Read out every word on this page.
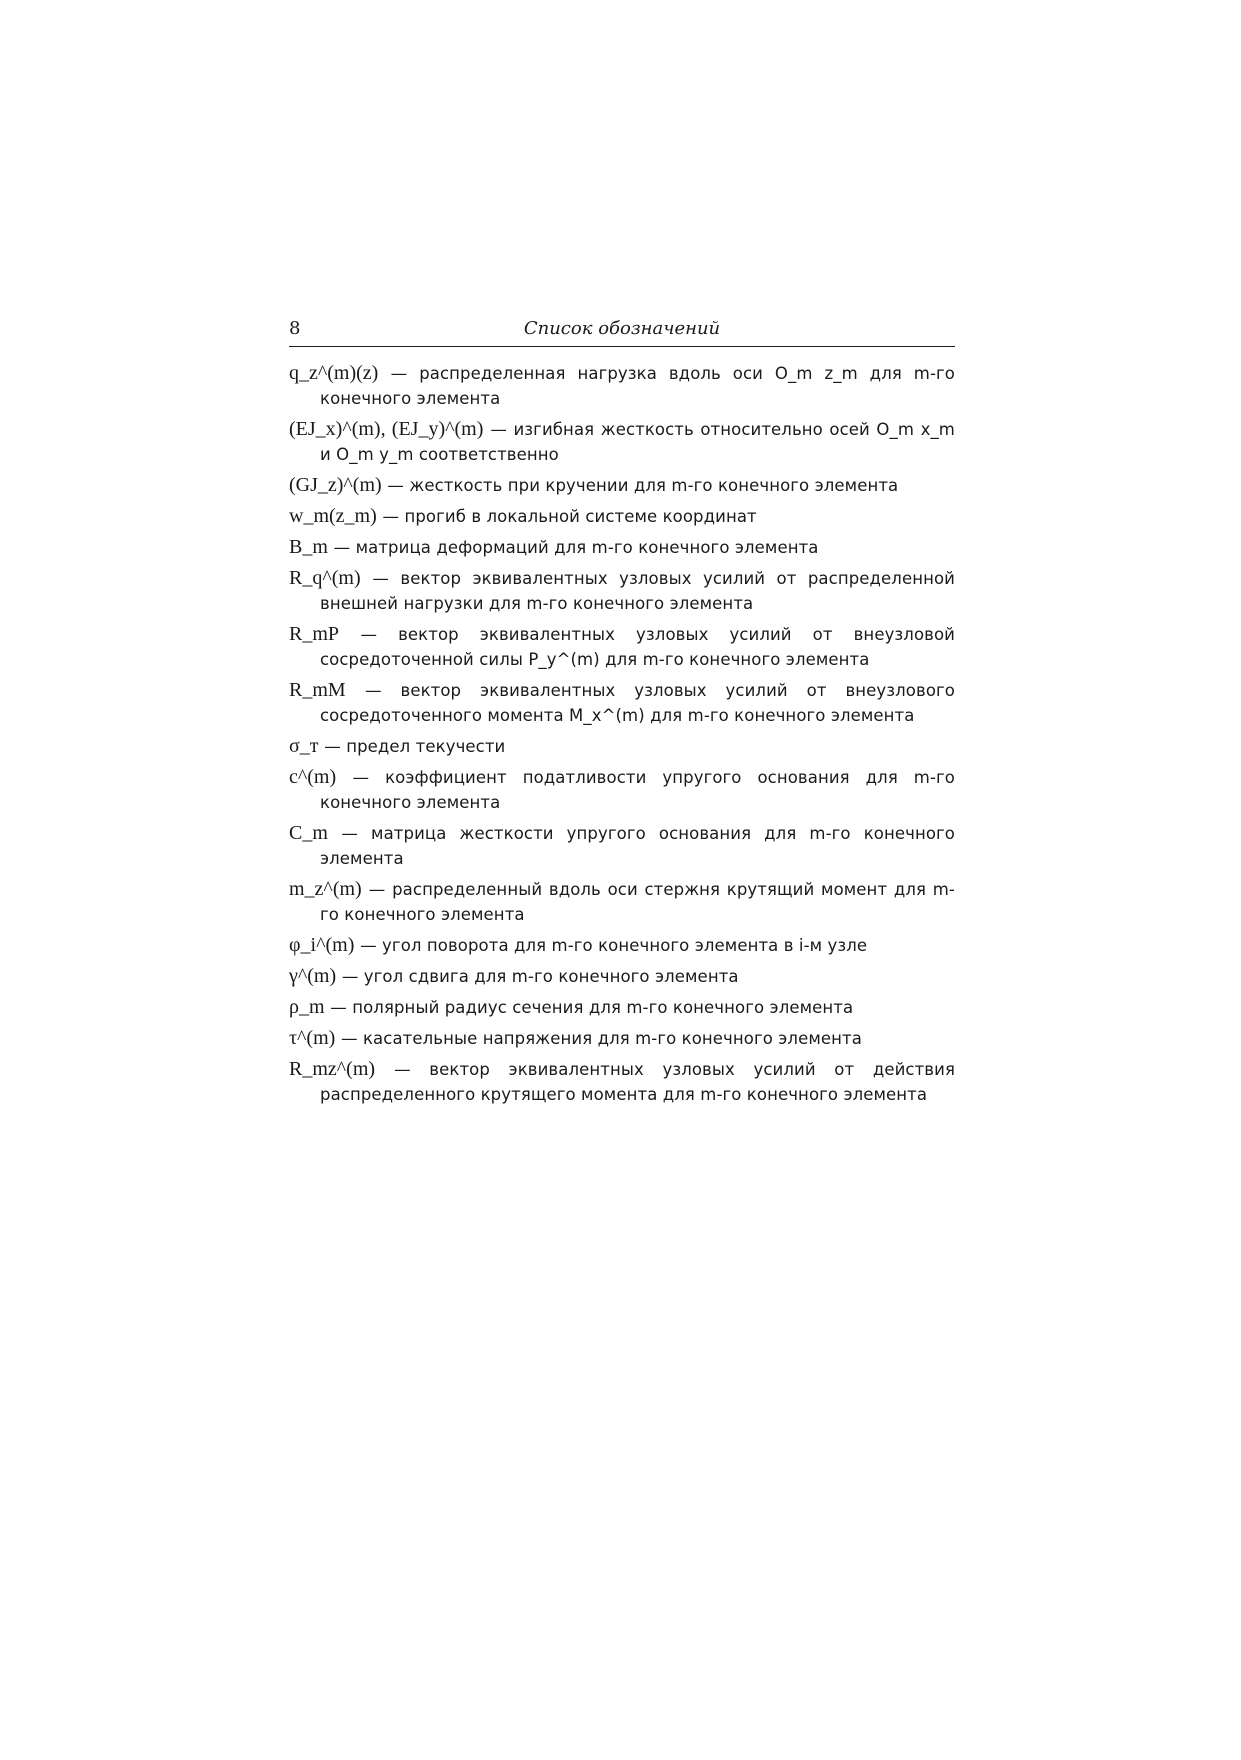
8	Список обозначений
q_z^(m)(z) — распределенная нагрузка вдоль оси O_m z_m для m-го конечного элемента
(EJ_x)^(m), (EJ_y)^(m) — изгибная жесткость относительно осей O_m x_m и O_m y_m соответственно
(GJ_z)^(m) — жесткость при кручении для m-го конечного элемента
w_m(z_m) — прогиб в локальной системе координат
B_m — матрица деформаций для m-го конечного элемента
R_q^(m) — вектор эквивалентных узловых усилий от распределенной внешней нагрузки для m-го конечного элемента
R_mP — вектор эквивалентных узловых усилий от внеузловой сосредоточенной силы P_y^(m) для m-го конечного элемента
R_mM — вектор эквивалентных узловых усилий от внеузлового сосредоточенного момента M_x^(m) для m-го конечного элемента
σ_т — предел текучести
c^(m) — коэффициент податливости упругого основания для m-го конечного элемента
C_m — матрица жесткости упругого основания для m-го конечного элемента
m_z^(m) — распределенный вдоль оси стержня крутящий момент для m-го конечного элемента
φ_i^(m) — угол поворота для m-го конечного элемента в i-м узле
γ^(m) — угол сдвига для m-го конечного элемента
ρ_m — полярный радиус сечения для m-го конечного элемента
τ^(m) — касательные напряжения для m-го конечного элемента
R_mz^(m) — вектор эквивалентных узловых усилий от действия распределенного крутящего момента для m-го конечного элемента
